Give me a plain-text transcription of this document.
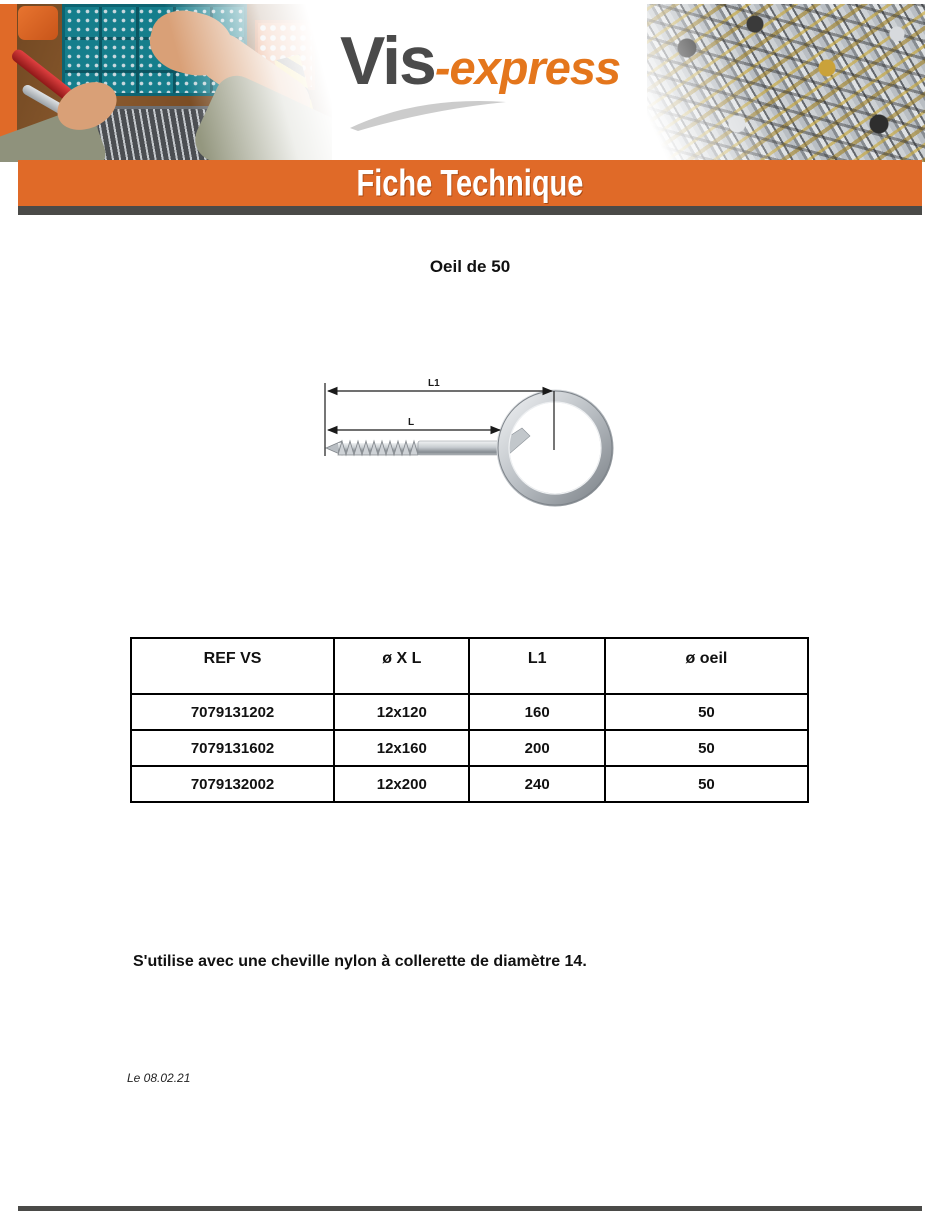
Vis-express
Fiche Technique
Oeil de 50
L1
L
REF VS	ø X L	L1	ø oeil
7079131202	12x120	160	50
7079131602	12x160	200	50
7079132002	12x200	240	50

S'utilise avec une cheville nylon à collerette de diamètre 14.

Le 08.02.21
